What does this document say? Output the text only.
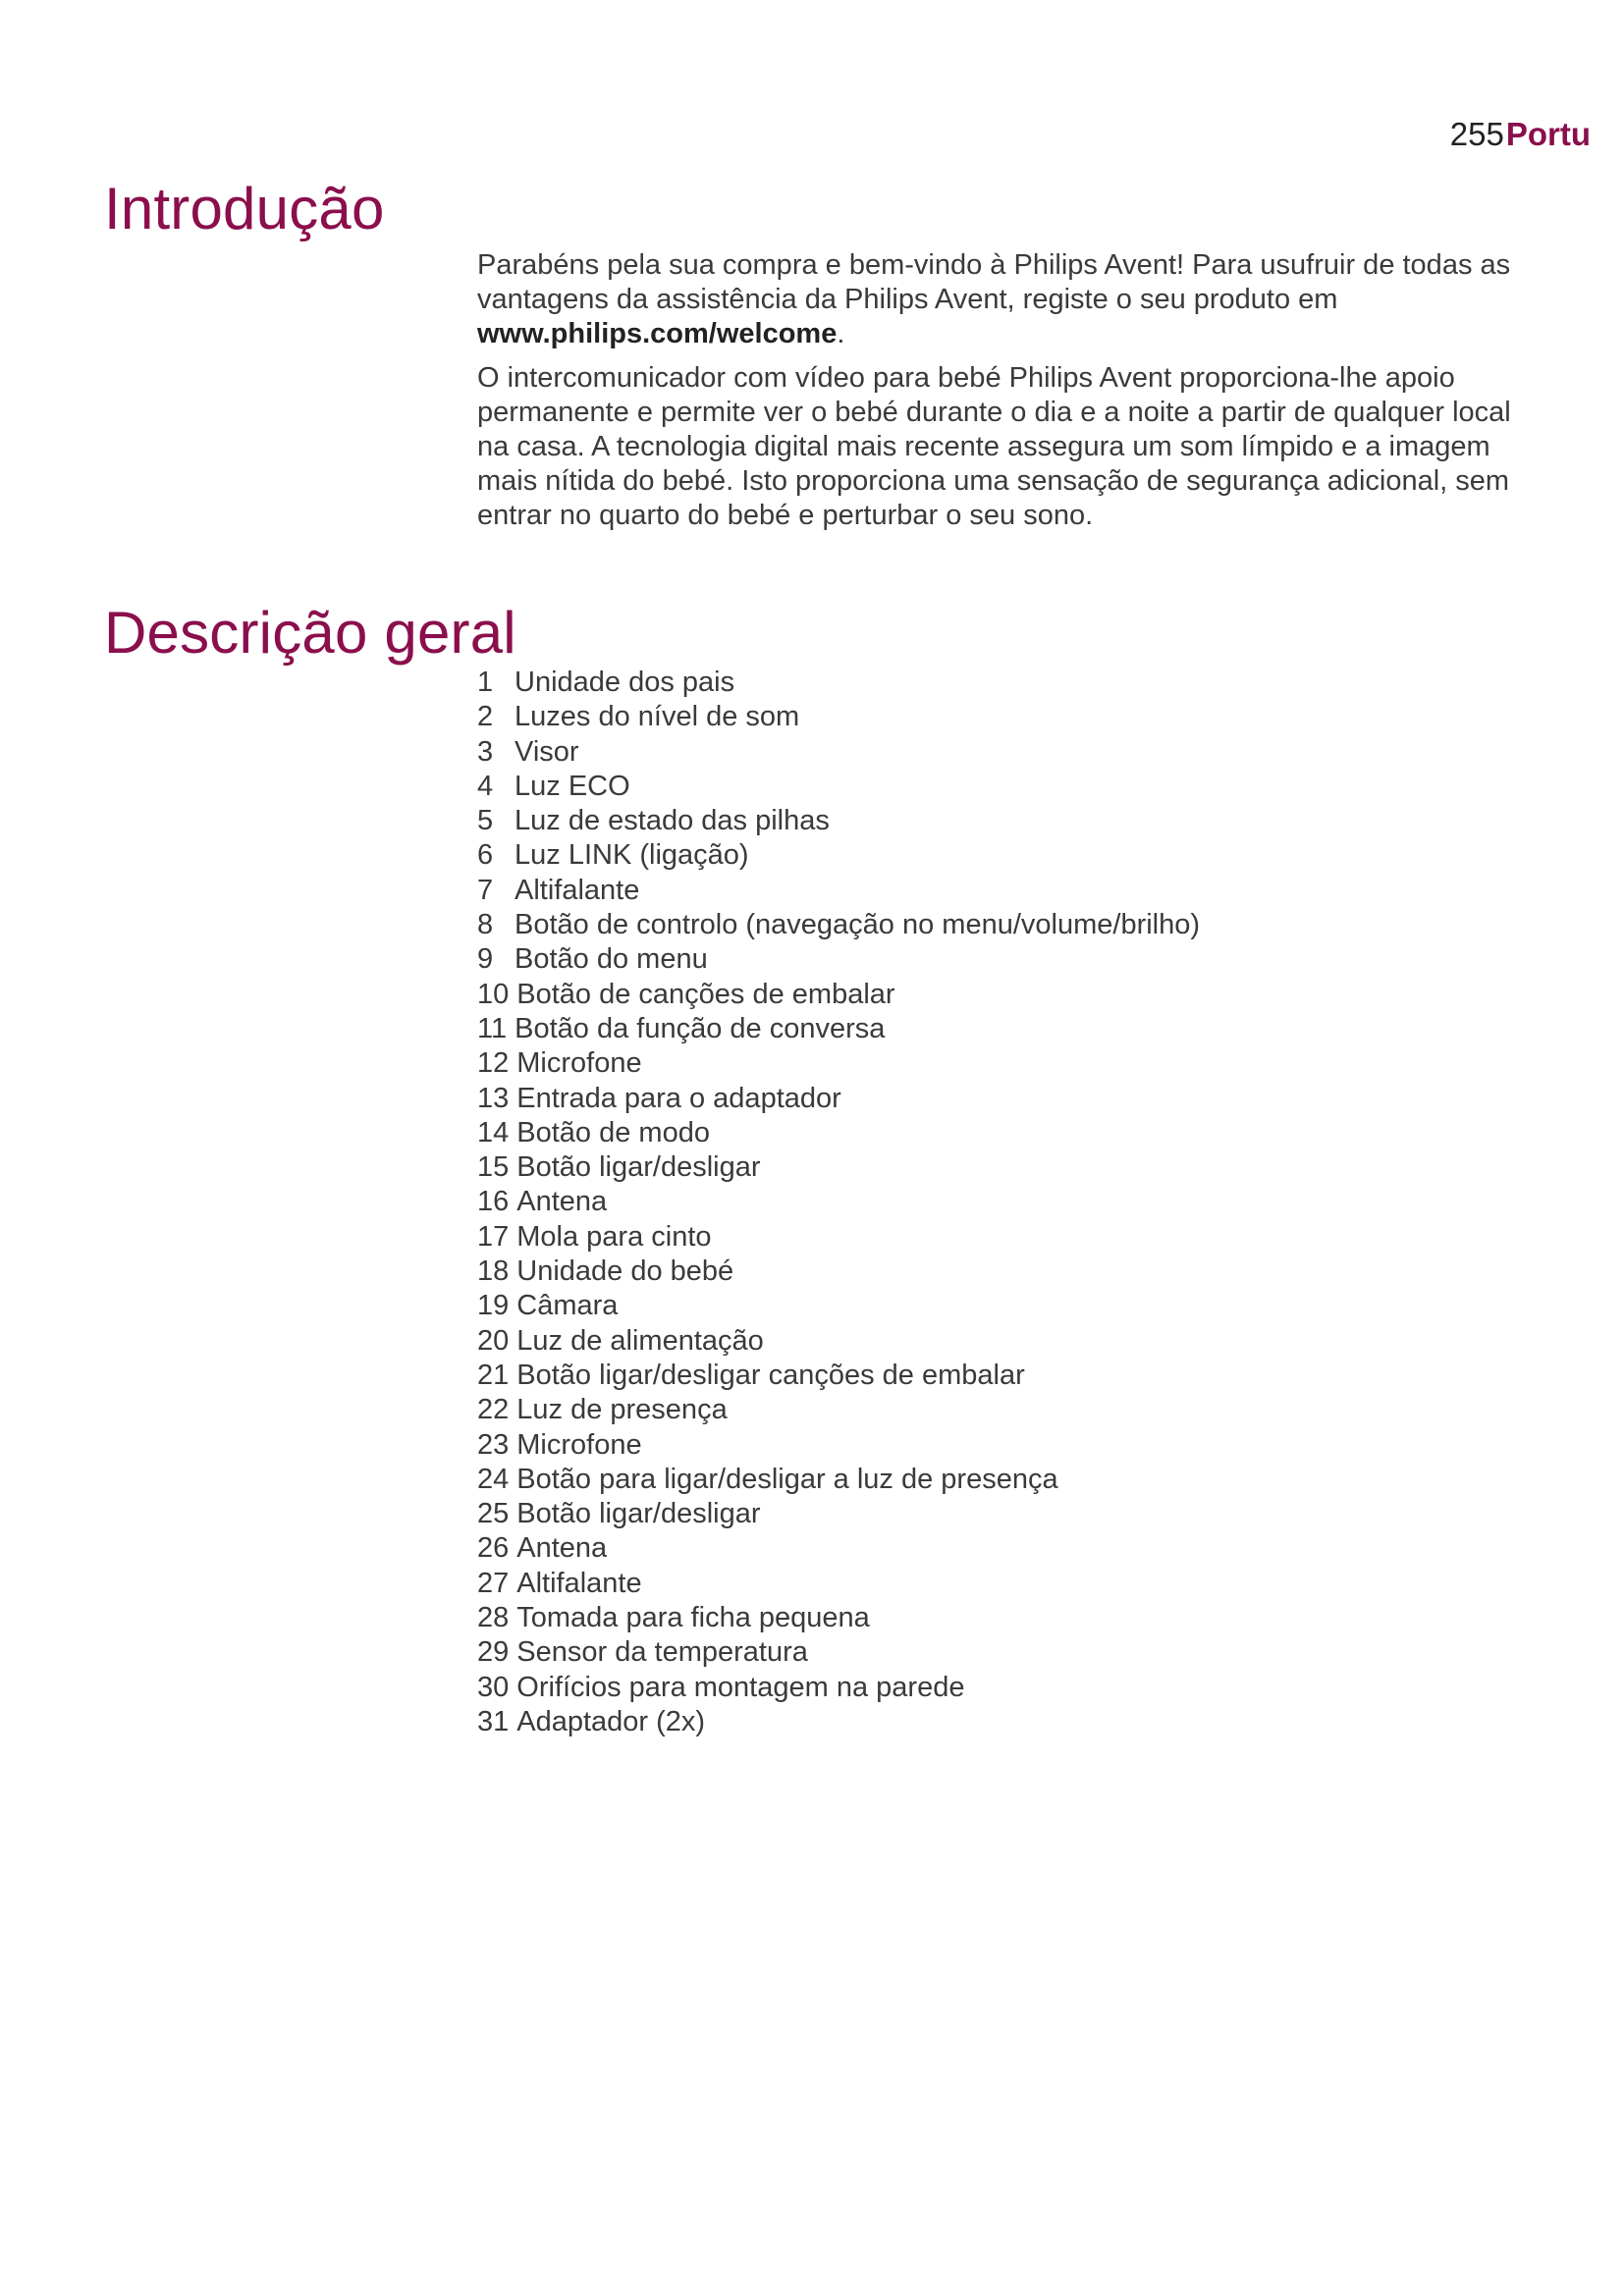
255Portu
Introdução

Parabéns pela sua compra e bem-vindo à Philips Avent! Para usufruir de todas as vantagens da assistência da Philips Avent, registe o seu produto em www.philips.com/welcome.

O intercomunicador com vídeo para bebé Philips Avent proporciona-lhe apoio permanente e permite ver o bebé durante o dia e a noite a partir de qualquer local na casa. A tecnologia digital mais recente assegura um som límpido e a imagem mais nítida do bebé. Isto proporciona uma sensação de segurança adicional, sem entrar no quarto do bebé e perturbar o seu sono.

Descrição geral
1 Unidade dos pais
2 Luzes do nível de som
3 Visor
4 Luz ECO
5 Luz de estado das pilhas
6 Luz LINK (ligação)
7 Altifalante
8 Botão de controlo (navegação no menu/volume/brilho)
9 Botão do menu
10 Botão de canções de embalar
11 Botão da função de conversa
12 Microfone
13 Entrada para o adaptador
14 Botão de modo
15 Botão ligar/desligar
16 Antena
17 Mola para cinto
18 Unidade do bebé
19 Câmara
20 Luz de alimentação
21 Botão ligar/desligar canções de embalar
22 Luz de presença
23 Microfone
24 Botão para ligar/desligar a luz de presença
25 Botão ligar/desligar
26 Antena
27 Altifalante
28 Tomada para ficha pequena
29 Sensor da temperatura
30 Orifícios para montagem na parede
31 Adaptador (2x)
